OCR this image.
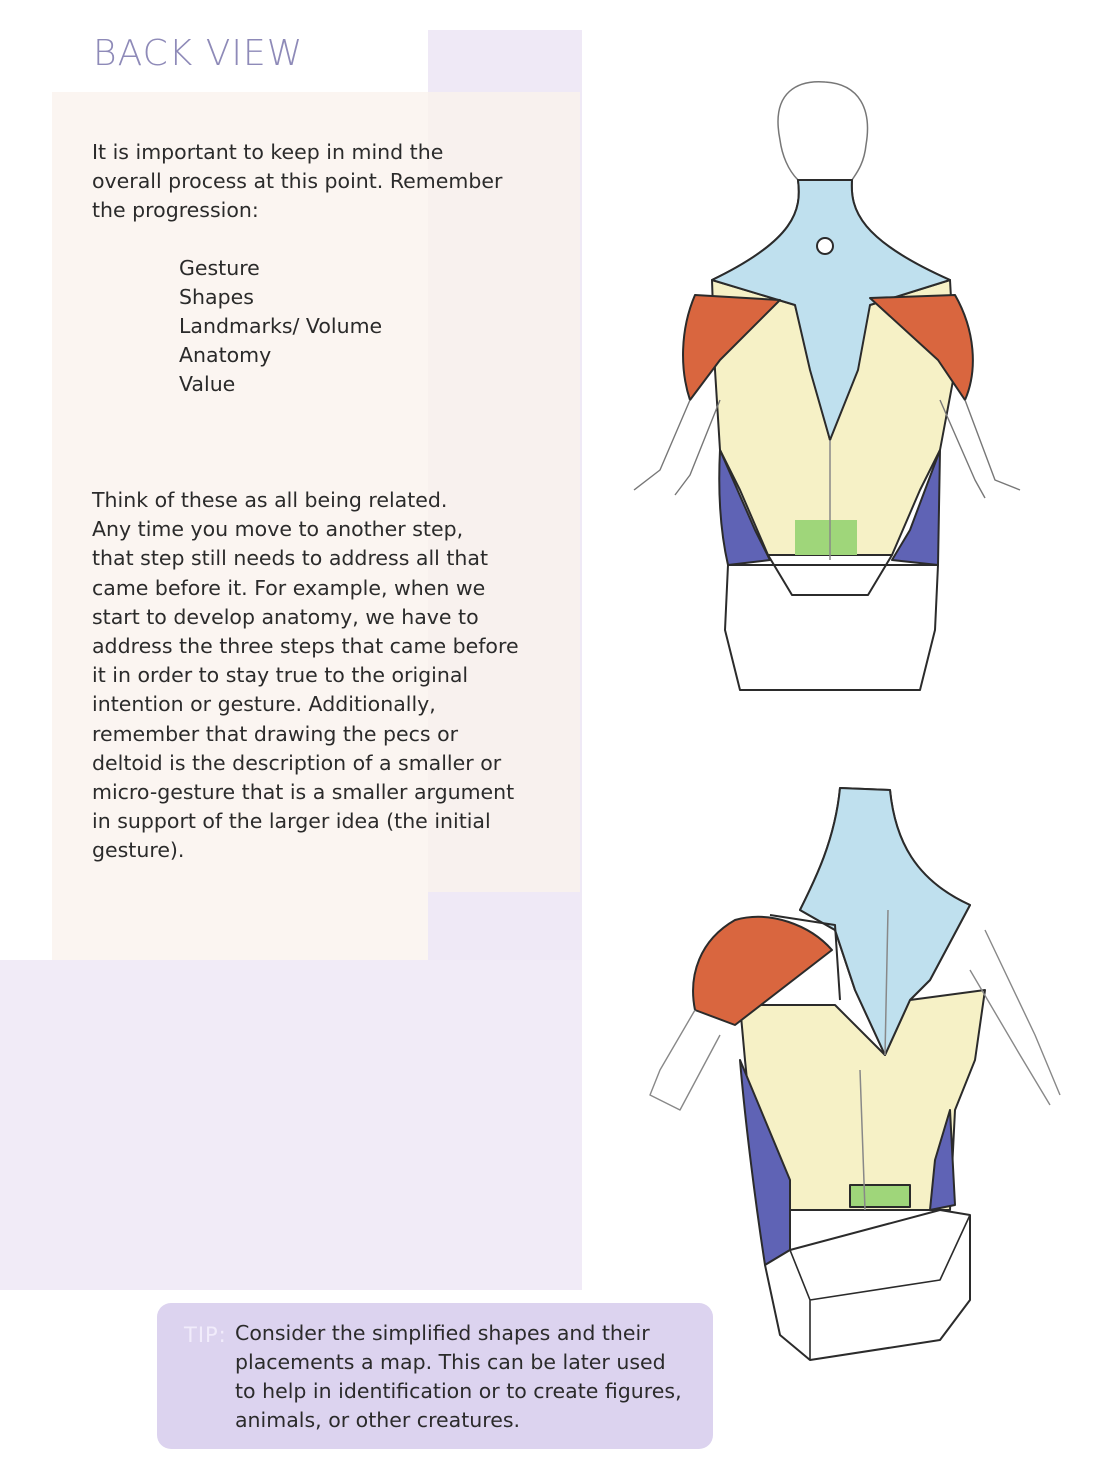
BACK VIEW

It is important to keep in mind the
overall process at this point. Remember
the progression:

Gesture
Shapes
Landmarks/ Volume
Anatomy
Value

Think of these as all being related.
Any time you move to another step,
that step still needs to address all that
came before it. For example, when we
start to develop anatomy, we have to
address the three steps that came before
it in order to stay true to the original
intention or gesture. Additionally,
remember that drawing the pecs or
deltoid is the description of a smaller or
micro-gesture that is a smaller argument
in support of the larger idea (the initial
gesture).

TIP: Consider the simplified shapes and their
placements a map. This can be later used
to help in identification or to create figures,
animals, or other creatures.
